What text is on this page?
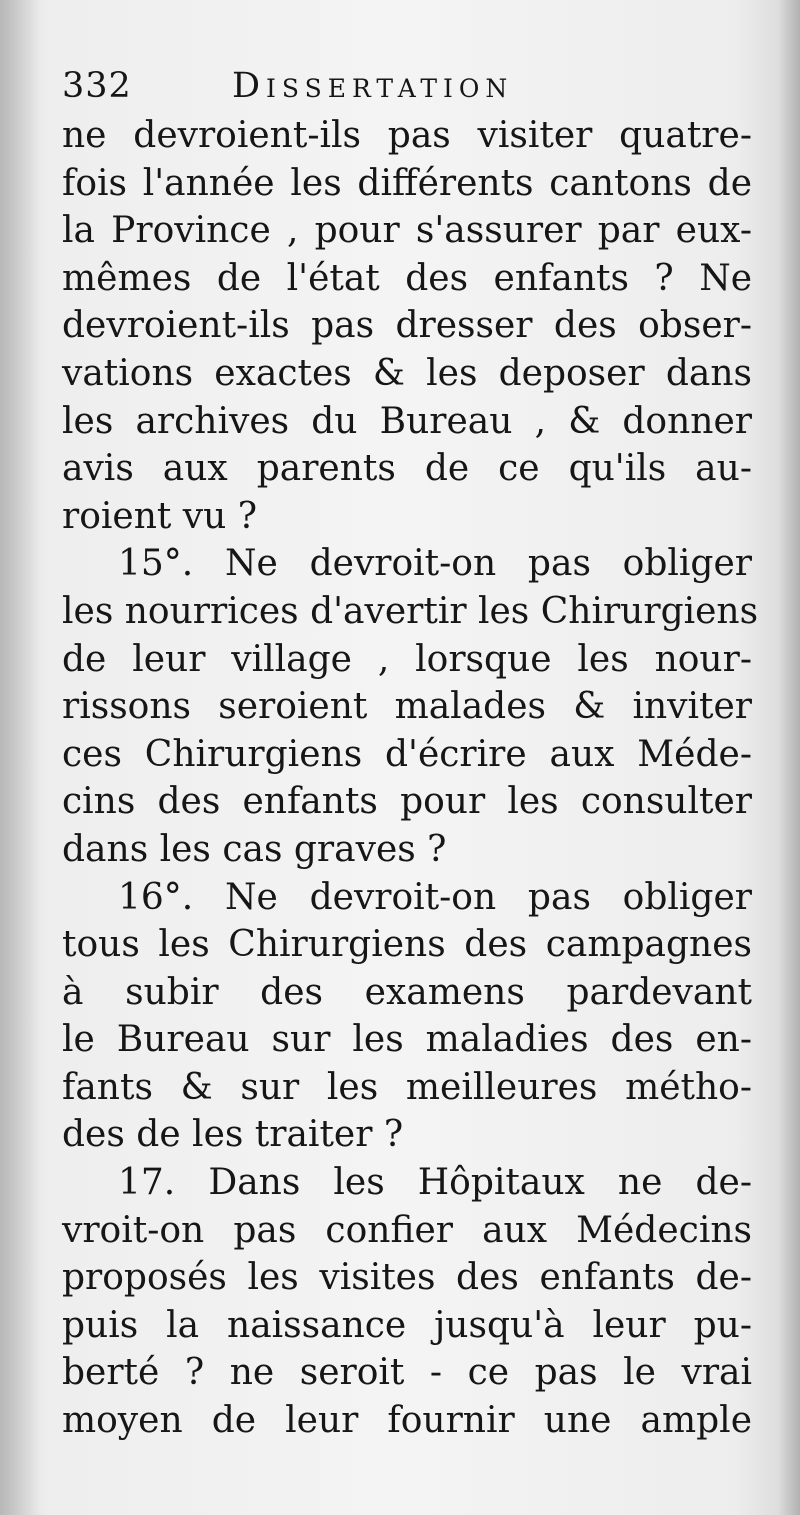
332	Dissertation
ne devroient-ils pas visiter quatre-
fois l'année les différents cantons de
la Province , pour s'assurer par eux-
mêmes de l'état des enfants ? Ne
devroient-ils pas dresser des obser-
vations exactes & les deposer dans
les archives du Bureau , & donner
avis aux parents de ce qu'ils au-
roient vu ?
15°. Ne devroit-on pas obliger
les nourrices d'avertir les Chirurgiens
de leur village , lorsque les nour-
rissons seroient malades & inviter
ces Chirurgiens d'écrire aux Méde-
cins des enfants pour les consulter
dans les cas graves ?
16°. Ne devroit-on pas obliger
tous les Chirurgiens des campagnes
à subir des examens pardevant
le Bureau sur les maladies des en-
fants & sur les meilleures métho-
des de les traiter ?
17. Dans les Hôpitaux ne de-
vroit-on pas confier aux Médecins
proposés les visites des enfants de-
puis la naissance jusqu'à leur pu-
berté ? ne seroit - ce pas le vrai
moyen de leur fournir une ample
